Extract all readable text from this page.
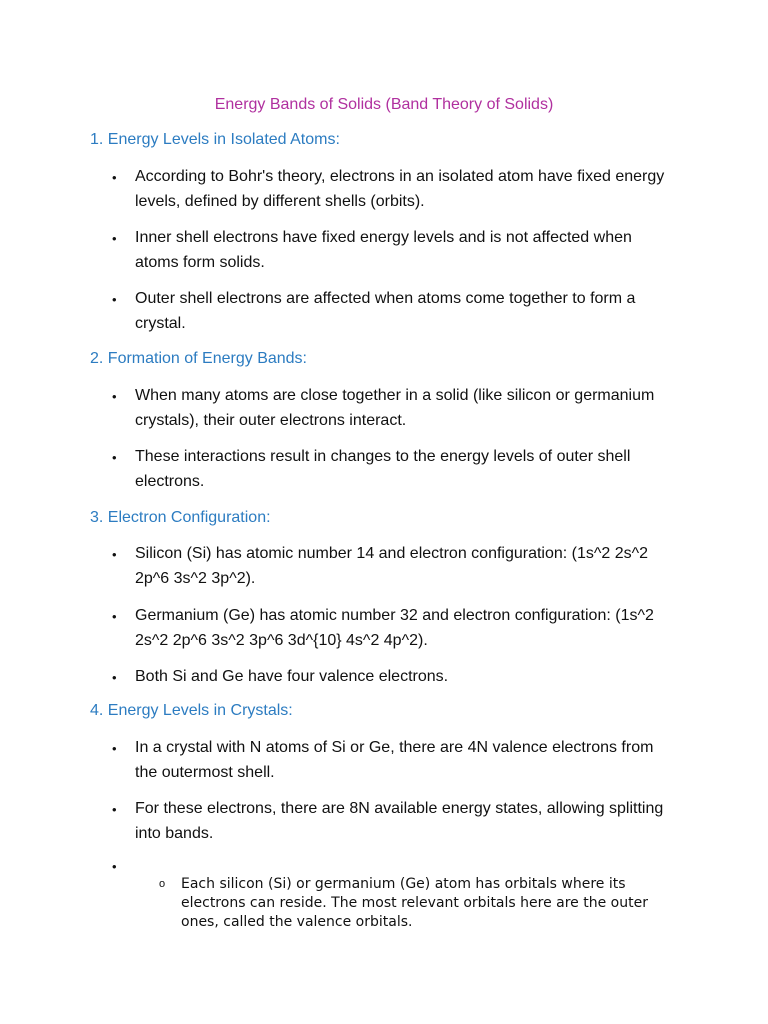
Energy Bands of Solids (Band Theory of Solids)
1. Energy Levels in Isolated Atoms:
• According to Bohr's theory, electrons in an isolated atom have fixed energy levels, defined by different shells (orbits).
• Inner shell electrons have fixed energy levels and is not affected when atoms form solids.
• Outer shell electrons are affected when atoms come together to form a crystal.
2. Formation of Energy Bands:
• When many atoms are close together in a solid (like silicon or germanium crystals), their outer electrons interact.
• These interactions result in changes to the energy levels of outer shell electrons.
3. Electron Configuration:
• Silicon (Si) has atomic number 14 and electron configuration: (1s^2 2s^2 2p^6 3s^2 3p^2).
• Germanium (Ge) has atomic number 32 and electron configuration: (1s^2 2s^2 2p^6 3s^2 3p^6 3d^{10} 4s^2 4p^2).
• Both Si and Ge have four valence electrons.
4. Energy Levels in Crystals:
• In a crystal with N atoms of Si or Ge, there are 4N valence electrons from the outermost shell.
• For these electrons, there are 8N available energy states, allowing splitting into bands.
•
o Each silicon (Si) or germanium (Ge) atom has orbitals where its electrons can reside. The most relevant orbitals here are the outer ones, called the valence orbitals.
